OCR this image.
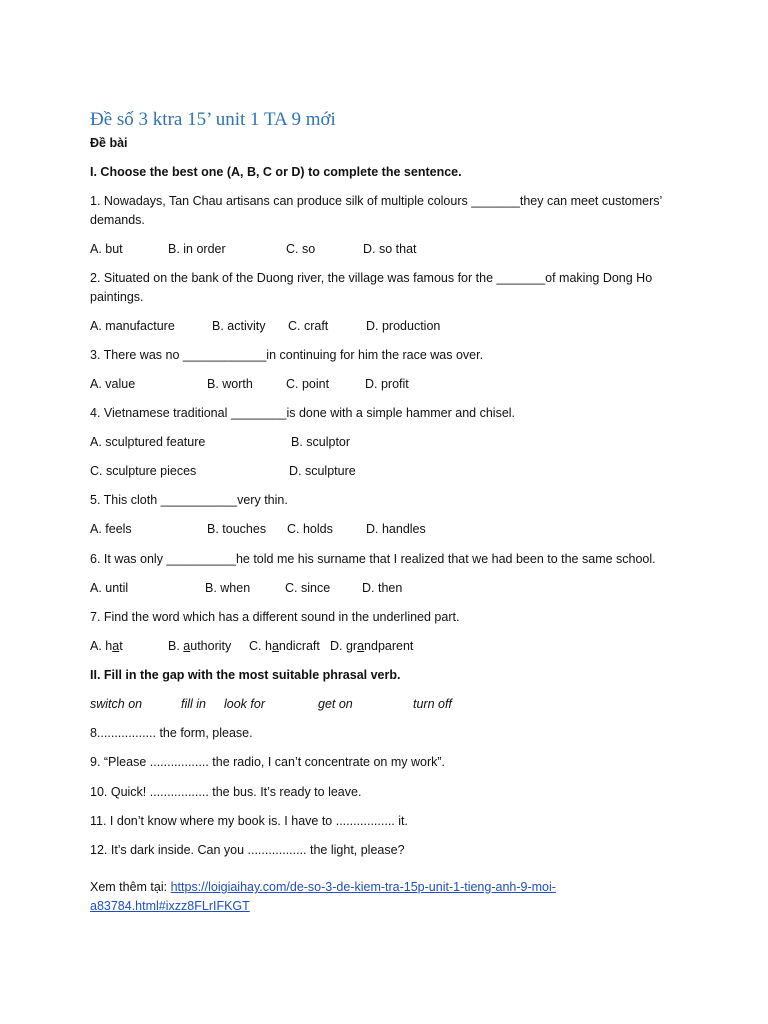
Đề số 3 ktra 15’ unit 1 TA 9 mới
Đề bài
I. Choose the best one (A, B, C or D) to complete the sentence.
1. Nowadays, Tan Chau artisans can produce silk of multiple colours _______they can meet customers’
demands.
A. but	B. in order	C. so	D. so that
2. Situated on the bank of the Duong river, the village was famous for the _______of making Dong Ho
paintings.
A. manufacture	B. activity C. craft	D. production
3. There was no ____________in continuing for him the race was over.
A. value	B. worth	C. point	D. profit
4. Vietnamese traditional ________is done with a simple hammer and chisel.
A. sculptured feature	B. sculptor
C. sculpture pieces	D. sculpture
5. This cloth ___________very thin.
A. feels	B. touches C. holds	D. handles
6. It was only __________he told me his surname that I realized that we had been to the same school.
A. until	B. when	C. since	D. then
7. Find the word which has a different sound in the underlined part.
A. hat	B. authority C. handicraft D. grandparent
II. Fill in the gap with the most suitable phrasal verb.
switch on	fill in look for	get on	turn off
8................. the form, please.
9. “Please ................. the radio, I can’t concentrate on my work”.
10. Quick! ................. the bus. It’s ready to leave.
11. I don’t know where my book is. I have to ................. it.
12. It’s dark inside. Can you ................. the light, please?
Xem thêm tại: https://loigiaihay.com/de-so-3-de-kiem-tra-15p-unit-1-tieng-anh-9-moi-
a83784.html#ixzz8FLrIFKGT
